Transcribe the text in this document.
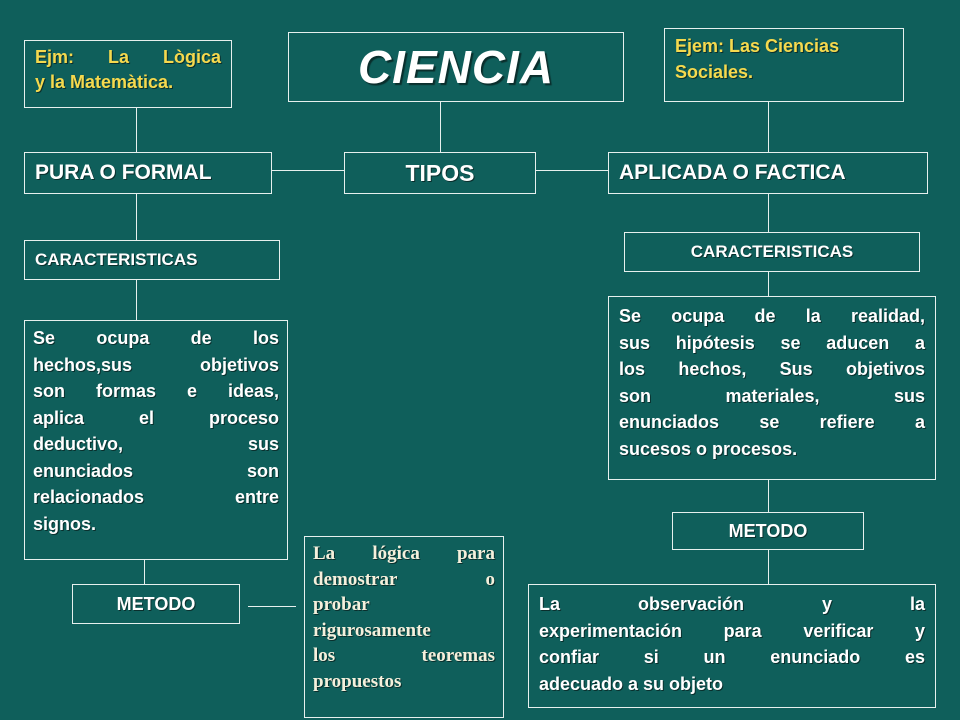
CIENCIA
Ejm: La Lògica
y la Matemàtica.
Ejem: Las Ciencias
Sociales.
PURA O FORMAL	TIPOS	APLICADA O FACTICA
CARACTERISTICAS	CARACTERISTICAS
Se ocupa de los
hechos,sus objetivos
son formas e ideas,
aplica el proceso
deductivo, sus
enunciados son
relacionados entre
signos.
Se ocupa de la realidad,
sus hipótesis se aducen a
los hechos, Sus objetivos
son materiales, sus
enunciados se refiere a
sucesos o procesos.
METODO
METODO
La lógica para
demostrar o
probar
rigurosamente
los teoremas
propuestos
La observación y la
experimentación para verificar y
confiar si un enunciado es
adecuado a su objeto
